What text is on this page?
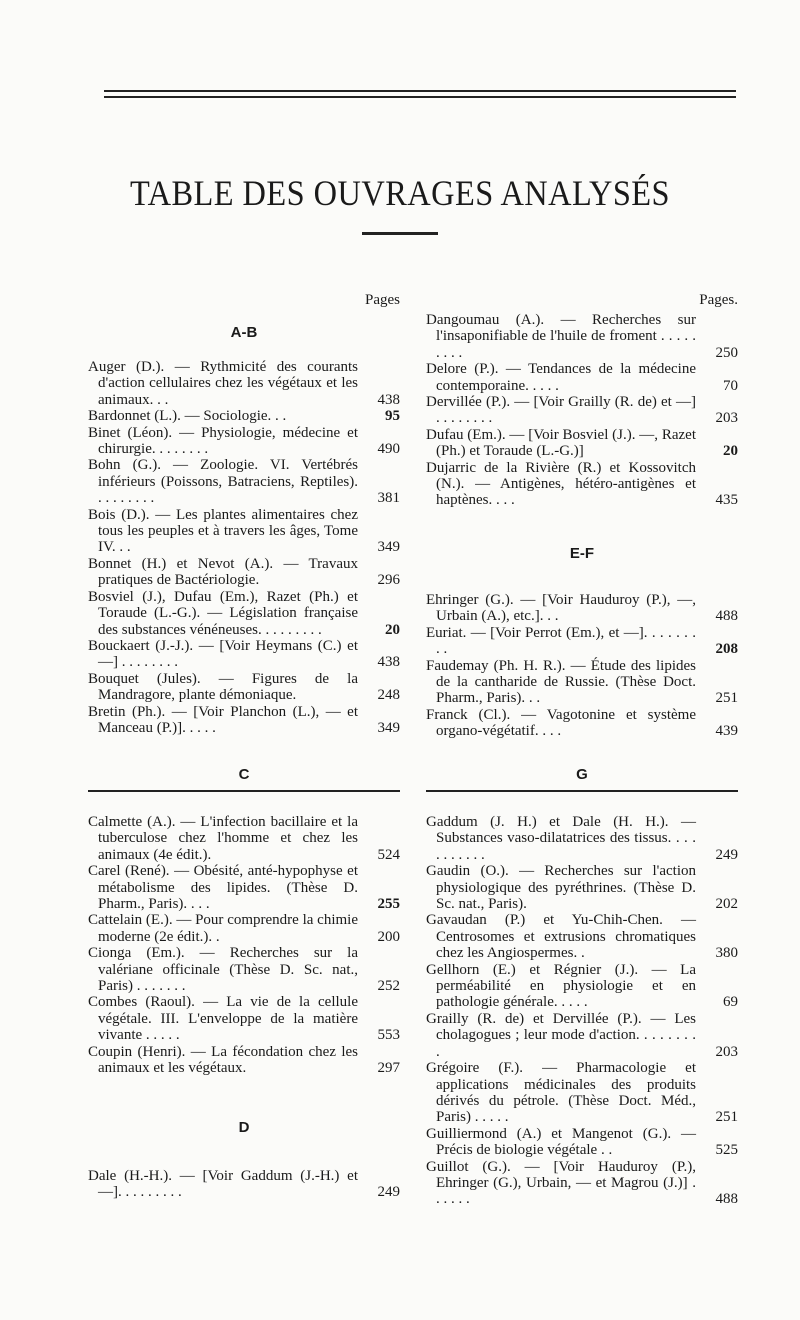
TABLE DES OUVRAGES ANALYSÉS
Pages
A-B
Auger (D.). — Rythmicité des courants d'action cellulaires chez les végétaux et les animaux. . .	438
Bardonnet (L.). — Sociologie. . .	95
Binet (Léon). — Physiologie, médecine et chirurgie. . . . . . . .	490
Bohn (G.). — Zoologie. VI. Vertébrés inférieurs (Poissons, Batraciens, Reptiles). . . . . . . . .	381
Bois (D.). — Les plantes alimentaires chez tous les peuples et à travers les âges, Tome IV. . .	349
Bonnet (H.) et Nevot (A.). — Travaux pratiques de Bactériologie.	296
Bosviel (J.), Dufau (Em.), Razet (Ph.) et Toraude (L.-G.). — Législation française des substances vénéneuses. . . . . . . . .	20
Bouckaert (J.-J.). — [Voir Heymans (C.) et —] . . . . . . . .	438
Bouquet (Jules). — Figures de la Mandragore, plante démoniaque.	248
Bretin (Ph.). — [Voir Planchon (L.), — et Manceau (P.)]. . . . .	349
Pages.
Dangoumau (A.). — Recherches sur l'insaponifiable de l'huile de froment . . . . . . . . .	250
Delore (P.). — Tendances de la médecine contemporaine. . . . .	70
Dervillée (P.). — [Voir Grailly (R. de) et —] . . . . . . . .	203
Dufau (Em.). — [Voir Bosviel (J.). —, Razet (Ph.) et Toraude (L.-G.)]	20
Dujarric de la Rivière (R.) et Kossovitch (N.). — Antigènes, hétéro-antigènes et haptènes. . . .	435
E-F
Ehringer (G.). — [Voir Hauduroy (P.), —, Urbain (A.), etc.]. . .	488
Euriat. — [Voir Perrot (Em.), et —]. . . . . . . . .	208
Faudemay (Ph. H. R.). — Étude des lipides de la cantharide de Russie. (Thèse Doct. Pharm., Paris). . .	251
Franck (Cl.). — Vagotonine et système organo-végétatif. . . .	439
C	G
Calmette (A.). — L'infection bacillaire et la tuberculose chez l'homme et chez les animaux (4e édit.).	524
Carel (René). — Obésité, anté-hypophyse et métabolisme des lipides. (Thèse D. Pharm., Paris). . . .	255
Cattelain (E.). — Pour comprendre la chimie moderne (2e édit.). .	200
Cionga (Em.). — Recherches sur la valériane officinale (Thèse D. Sc. nat., Paris) . . . . . . .	252
Combes (Raoul). — La vie de la cellule végétale. III. L'enveloppe de la matière vivante . . . . .	553
Coupin (Henri). — La fécondation chez les animaux et les végétaux.	297
D
Dale (H.-H.). — [Voir Gaddum (J.-H.) et —]. . . . . . . . .	249
Gaddum (J. H.) et Dale (H. H.). — Substances vaso-dilatatrices des tissus. . . . . . . . . . .	249
Gaudin (O.). — Recherches sur l'action physiologique des pyréthrines. (Thèse D. Sc. nat., Paris).	202
Gavaudan (P.) et Yu-Chih-Chen. — Centrosomes et extrusions chromatiques chez les Angiospermes. .	380
Gellhorn (E.) et Régnier (J.). — La perméabilité en physiologie et en pathologie générale. . . . .	69
Grailly (R. de) et Dervillée (P.). — Les cholagogues ; leur mode d'action. . . . . . . . .	203
Grégoire (F.). — Pharmacologie et applications médicinales des produits dérivés du pétrole. (Thèse Doct. Méd., Paris) . . . . .	251
Guilliermond (A.) et Mangenot (G.). — Précis de biologie végétale . .	525
Guillot (G.). — [Voir Hauduroy (P.), Ehringer (G.), Urbain, — et Magrou (J.)] . . . . . .	488
